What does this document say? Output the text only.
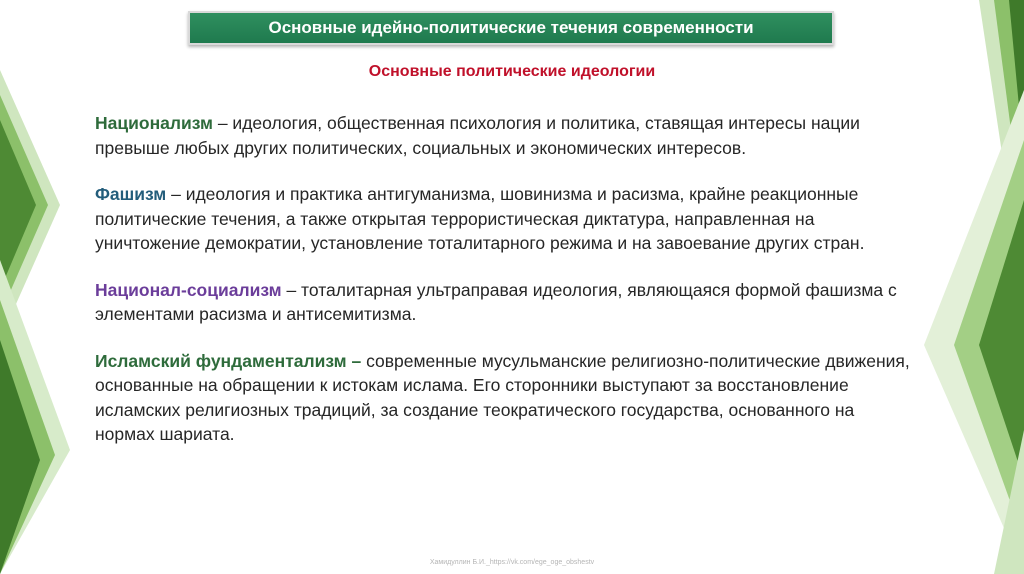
Основные идейно-политические течения современности
Основные политические идеологии

Национализм – идеология, общественная психология и политика, ставящая интересы нации превыше любых других политических, социальных и экономических интересов.

Фашизм – идеология и практика антигуманизма, шовинизма и расизма, крайне реакционные политические течения, а также открытая террористическая диктатура, направленная на уничтожение демократии, установление тоталитарного режима и на завоевание других стран.

Национал-социализм – тоталитарная ультраправая идеология, являющаяся формой фашизма с элементами расизма и антисемитизма.

Исламский фундаментализм – современные мусульманские религиозно-политические движения, основанные на обращении к истокам ислама. Его сторонники выступают за восстановление исламских религиозных традиций, за создание теократического государства, основанного на нормах шариата.

Хамидуллин Б.И._https://vk.com/ege_oge_obshestv
